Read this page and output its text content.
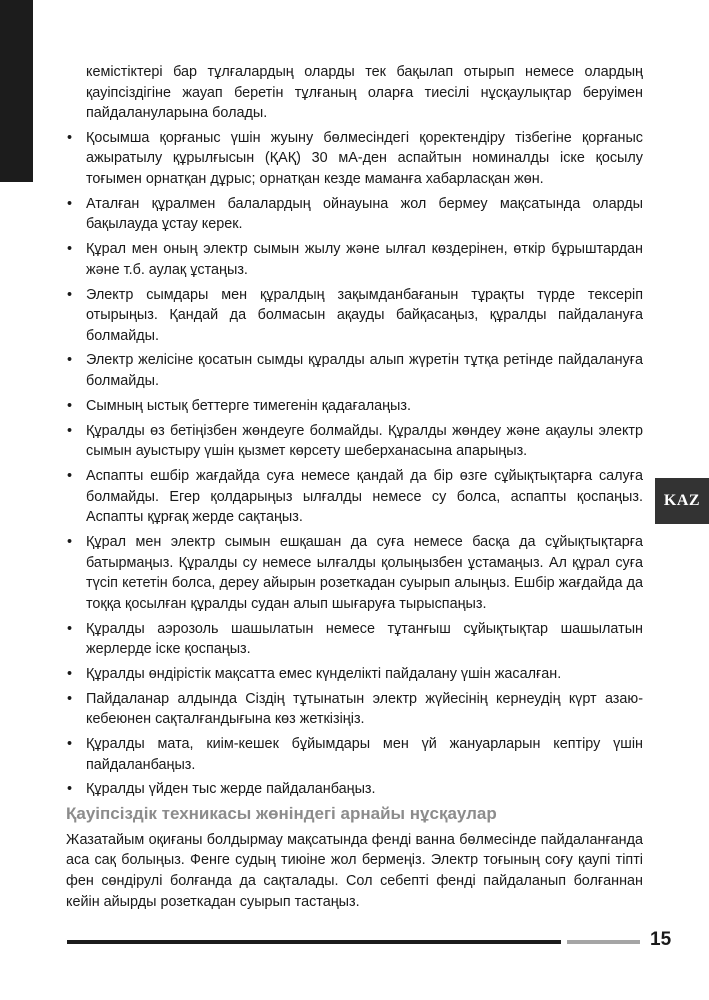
KAZ

кемістіктері бар тұлғалардың оларды тек бақылап отырып немесе олардың қауіпсіздігіне жауап беретін тұлғаның оларға тиесілі нұсқаулықтар беруімен пайдалануларына болады.

• Қосымша қорғаныс үшін жуыну бөлмесіндегі қоректендіру тізбегіне қорғаныс ажыратылу құрылғысын (ҚАҚ) 30 мА-ден аспайтын номиналды іске қосылу тоғымен орнатқан дұрыс; орнатқан кезде маманға хабарласқан жөн.
• Аталған құралмен балалардың ойнауына жол бермеу мақсатында оларды бақылауда ұстау керек.
• Құрал мен оның электр сымын жылу және ылғал көздерінен, өткір бұрыштардан және т.б. аулақ ұстаңыз.
• Электр сымдары мен құралдың зақымданбағанын тұрақты түрде тексеріп отырыңыз. Қандай да болмасын ақауды байқасаңыз, құралды пайдалануға болмайды.
• Электр желісіне қосатын сымды құралды алып жүретін тұтқа ретінде пайдалануға болмайды.
• Сымның ыстық беттерге тимегенін қадағалаңыз.
• Құралды өз бетіңізбен жөндеуге болмайды. Құралды жөндеу және ақаулы электр сымын ауыстыру үшін қызмет көрсету шеберханасына апарыңыз.
• Аспапты ешбір жағдайда суға немесе қандай да бір өзге сұйықтықтарға салуға болмайды. Егер қолдарыңыз ылғалды немесе су болса, аспапты қоспаңыз. Аспапты құрғақ жерде сақтаңыз.
• Құрал мен электр сымын ешқашан да суға немесе басқа да сұйықтықтарға батырмаңыз. Құралды су немесе ылғалды қолыңызбен ұстамаңыз. Ал құрал суға түсіп кететін болса, дереу айырын розеткадан суырып алыңыз. Ешбір жағдайда да тоққа қосылған құралды судан алып шығаруға тырыспаңыз.
• Құралды аэрозоль шашылатын немесе тұтанғыш сұйықтықтар шашылатын жерлерде іске қоспаңыз.
• Құралды өндірістік мақсатта емес күнделікті пайдалану үшін жасалған.
• Пайдаланар алдында Сіздің тұтынатын электр жүйесінің кернеудің күрт азаю-кебеюнен сақталғандығына көз жеткізіңіз.
• Құралды мата, киім-кешек бұйымдары мен үй жануарларын кептіру үшін пайдаланбаңыз.
• Құралды үйден тыс жерде пайдаланбаңыз.
Қауіпсіздік техникасы жөніндегі арнайы нұсқаулар

Жазатайым оқиғаны болдырмау мақсатында фенді ванна бөлмесінде пайдаланғанда аса сақ болыңыз. Фенге судың тиюіне жол бермеңіз. Электр тоғының соғу қаупі тіпті фен сөндірулі болғанда да сақталады. Сол себепті фенді пайдаланып болғаннан кейін айырды розеткадан суырып тастаңыз.

15
